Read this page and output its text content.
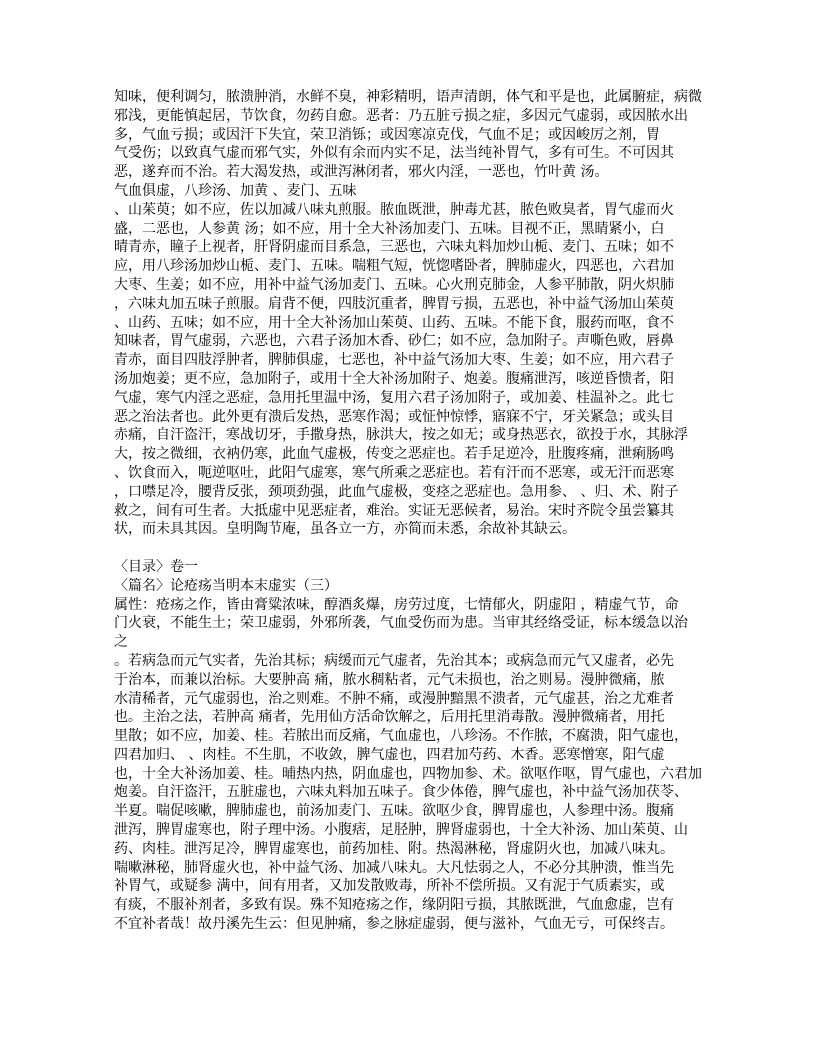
知味，便利调匀，脓溃肿消，水鲜不臭，神彩精明，语声清朗，体气和平是也，此属腑症，病微
邪浅，更能慎起居，节饮食，勿药自愈。恶者：乃五脏亏损之症，多因元气虚弱，或因脓水出
多，气血亏损；或因汗下失宜，荣卫消铄；或因寒凉克伐，气血不足；或因峻厉之剂，胃
气受伤；以致真气虚而邪气实，外似有余而内实不足，法当纯补胃气，多有可生。不可因其
恶，遂弃而不治。若大渴发热，或泄泻淋闭者，邪火内淫，一恶也，竹叶黄 汤。
气血俱虚，八珍汤、加黄 、麦门、五味
、山茱萸；如不应，佐以加减八味丸煎服。脓血既泄，肿毒尤甚，脓色败臭者，胃气虚而火
盛，二恶也，人参黄 汤；如不应，用十全大补汤加麦门、五味。目视不正，黑睛紧小，白
晴青赤，瞳子上视者，肝肾阴虚而目系急，三恶也，六味丸料加炒山栀、麦门、五味；如不
应，用八珍汤加炒山栀、麦门、五味。喘粗气短，恍惚嗜卧者，脾肺虚火，四恶也，六君加
大枣、生姜；如不应，用补中益气汤加麦门、五味。心火刑克肺金，人参平肺散，阴火炽肺
，六味丸加五味子煎服。肩背不便，四肢沉重者，脾胃亏损，五恶也，补中益气汤加山茱萸
、山药、五味；如不应，用十全大补汤加山茱萸、山药、五味。不能下食，服药而呕，食不
知味者，胃气虚弱，六恶也，六君子汤加木香、砂仁；如不应，急加附子。声嘶色败，唇鼻
青赤，面目四肢浮肿者，脾肺俱虚，七恶也，补中益气汤加大枣、生姜；如不应，用六君子
汤加炮姜；更不应，急加附子，或用十全大补汤加附子、炮姜。腹痛泄泻，咳逆昏愦者，阳
气虚，寒气内淫之恶症，急用托里温中汤，复用六君子汤加附子，或加姜、桂温补之。此七
恶之治法者也。此外更有溃后发热，恶寒作渴；或怔忡惊悸，寤寐不宁，牙关紧急；或头目
赤痛，自汗盗汗，寒战切牙，手撒身热，脉洪大，按之如无；或身热恶衣，欲投于水，其脉浮
大，按之微细，衣衲仍寒，此血气虚极，传变之恶症也。若手足逆冷，肚腹疼痛，泄痢肠鸣
、饮食而入，呃逆呕吐，此阳气虚寒，寒气所乘之恶症也。若有汗而不恶寒，或无汗而恶寒
，口噤足冷，腰背反张，颈项劲强，此血气虚极，变痉之恶症也。急用参、 、归、术、附子
救之，间有可生者。大抵虚中见恶症者，难治。实证无恶候者，易治。宋时齐院令虽尝纂其
状，而未具其因。皇明陶节庵，虽各立一方，亦简而未悉，余故补其缺云。
〈目录〉卷一
〈篇名〉论疮疡当明本末虚实（三）
属性：疮疡之作，皆由膏粱浓味，醇酒炙爆，房劳过度，七情郁火，阴虚阳 ，精虚气节，命
门火衰，不能生土；荣卫虚弱，外邪所袭，气血受伤而为患。当审其经络受证，标本缓急以治
之
。若病急而元气实者，先治其标；病缓而元气虚者，先治其本；或病急而元气又虚者，必先
于治本，而兼以治标。大要肿高 痛，脓水稠粘者，元气未损也，治之则易。漫肿微痛，脓
水清稀者，元气虚弱也，治之则难。不肿不痛，或漫肿黯黑不溃者，元气虚甚，治之尤难者
也。主治之法，若肿高 痛者，先用仙方活命饮解之，后用托里消毒散。漫肿微痛者，用托
里散；如不应，加姜、桂。若脓出而反痛，气血虚也，八珍汤。不作脓，不腐溃，阳气虚也，
四君加归、 、肉桂。不生肌，不收敛，脾气虚也，四君加芍药、木香。恶寒憎寒，阳气虚
也，十全大补汤加姜、桂。晡热内热，阴血虚也，四物加参、术。欲呕作呕，胃气虚也，六君加
炮姜。自汗盗汗，五脏虚也，六味丸料加五味子。食少体倦，脾气虚也，补中益气汤加茯苓、
半夏。喘促咳嗽，脾肺虚也，前汤加麦门、五味。欲呕少食，脾胃虚也，人参理中汤。腹痛
泄泻，脾胃虚寒也，附子理中汤。小腹痞，足胫肿，脾肾虚弱也，十全大补汤、加山茱萸、山
药、肉桂。泄泻足冷，脾胃虚寒也，前药加桂、附。热渴淋秘，肾虚阴火也，加减八味丸。
喘嗽淋秘，肺肾虚火也，补中益气汤、加减八味丸。大凡怯弱之人，不必分其肿溃，惟当先
补胃气，或疑参 满中，间有用者，又加发散败毒，所补不偿所损。又有泥于气质素实，或
有痰，不服补剂者，多致有误。殊不知疮疡之作，缘阴阳亏损，其脓既泄，气血愈虚，岂有
不宜补者哉！故丹溪先生云：但见肿痛，参之脉症虚弱，便与滋补，气血无亏，可保终吉。
